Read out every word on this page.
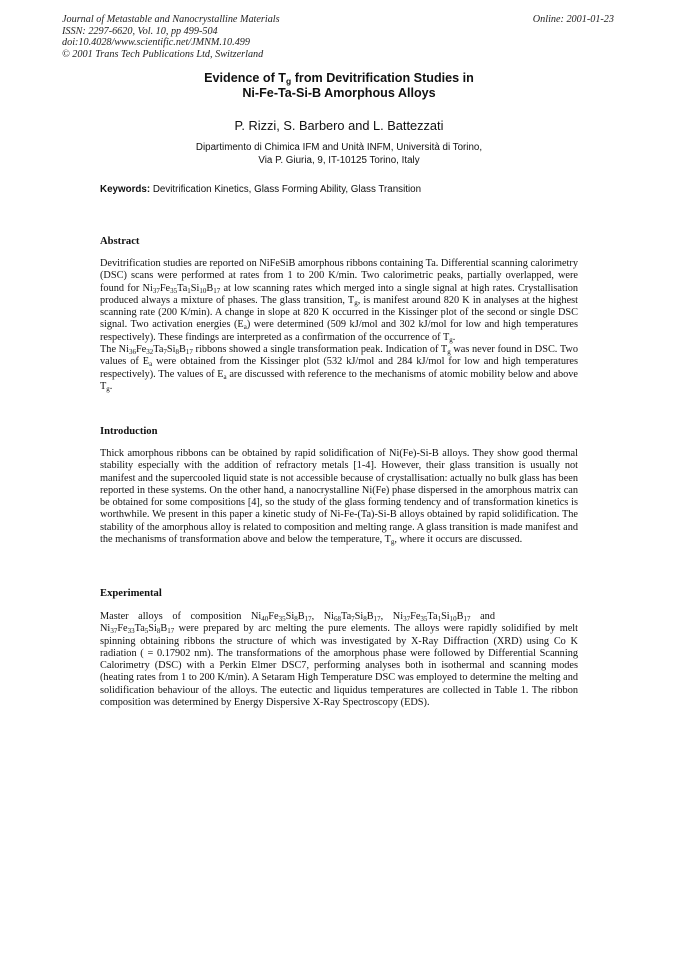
Journal of Metastable and Nanocrystalline Materials
ISSN: 2297-6620, Vol. 10, pp 499-504
doi:10.4028/www.scientific.net/JMNM.10.499
© 2001 Trans Tech Publications Ltd, Switzerland
Online: 2001-01-23
Evidence of $T_g$ from Devitrification Studies in
Ni-Fe-Ta-Si-B Amorphous Alloys
P. Rizzi, S. Barbero and L. Battezzati
Dipartimento di Chimica IFM and Unità INFM, Università di Torino,
Via P. Giuria, 9, IT-10125 Torino, Italy
Keywords: Devitrification Kinetics, Glass Forming Ability, Glass Transition
Abstract

Devitrification studies are reported on NiFeSiB amorphous ribbons containing Ta. Differential scanning calorimetry (DSC) scans were performed at rates from 1 to 200 K/min. Two calorimetric peaks, partially overlapped, were found for $Ni_{37}Fe_{35}Ta_1Si_{10}B_{17}$ at low scanning rates which merged into a single signal at high rates. Crystallisation produced always a mixture of phases. The glass transition, $T_g$, is manifest around 820 K in analyses at the highest scanning rate (200 K/min). A change in slope at 820 K occurred in the Kissinger plot of the second or single DSC signal. Two activation energies $(E_a)$ were determined (509 kJ/mol and 302 kJ/mol for low and high temperatures respectively). These findings are interpreted as a confirmation of the occurrence of $T_g$.

The $Ni_{36}Fe_{32}Ta_7Si_8B_{17}$ ribbons showed a single transformation peak. Indication of $T_g$ was never found in DSC. Two values of $E_a$ were obtained from the Kissinger plot (532 kJ/mol and 284 kJ/mol for low and high temperatures respectively). The values of $E_a$ are discussed with reference to the mechanisms of atomic mobility below and above $T_g$.

Introduction

Thick amorphous ribbons can be obtained by rapid solidification of Ni(Fe)-Si-B alloys. They show good thermal stability especially with the addition of refractory metals [1-4]. However, their glass transition is usually not manifest and the supercooled liquid state is not accessible because of crystallisation: actually no bulk glass has been reported in these systems. On the other hand, a nanocrystalline Ni(Fe) phase dispersed in the amorphous matrix can be obtained for some compositions [4], so the study of the glass forming tendency and of transformation kinetics is worthwhile. We present in this paper a kinetic study of Ni-Fe-(Ta)-Si-B alloys obtained by rapid solidification. The stability of the amorphous alloy is related to composition and melting range. A glass transition is made manifest and the mechanisms of transformation above and below the temperature, $T_g$, where it occurs are discussed.

Experimental

Master alloys of composition $Ni_{40}Fe_{35}Si_8B_{17}$, $Ni_{68}Ta_7Si_8B_{17}$, $Ni_{37}Fe_{35}Ta_1Si_{10}B_{17}$ and

$Ni_{37}Fe_{33}Ta_5Si_8B_{17}$ were prepared by arc melting the pure elements. The alloys were rapidly solidified by melt spinning obtaining ribbons the structure of which was investigated by X-Ray Diffraction (XRD) using Co K radiation ( = 0.17902 nm). The transformations of the amorphous phase were followed by Differential Scanning Calorimetry (DSC) with a Perkin Elmer DSC7, performing analyses both in isothermal and scanning modes (heating rates from 1 to 200 K/min). A Setaram High Temperature DSC was employed to determine the melting and solidification behaviour of the alloys. The eutectic and liquidus temperatures are collected in Table 1. The ribbon composition was determined by Energy Dispersive X-Ray Spectroscopy (EDS).
